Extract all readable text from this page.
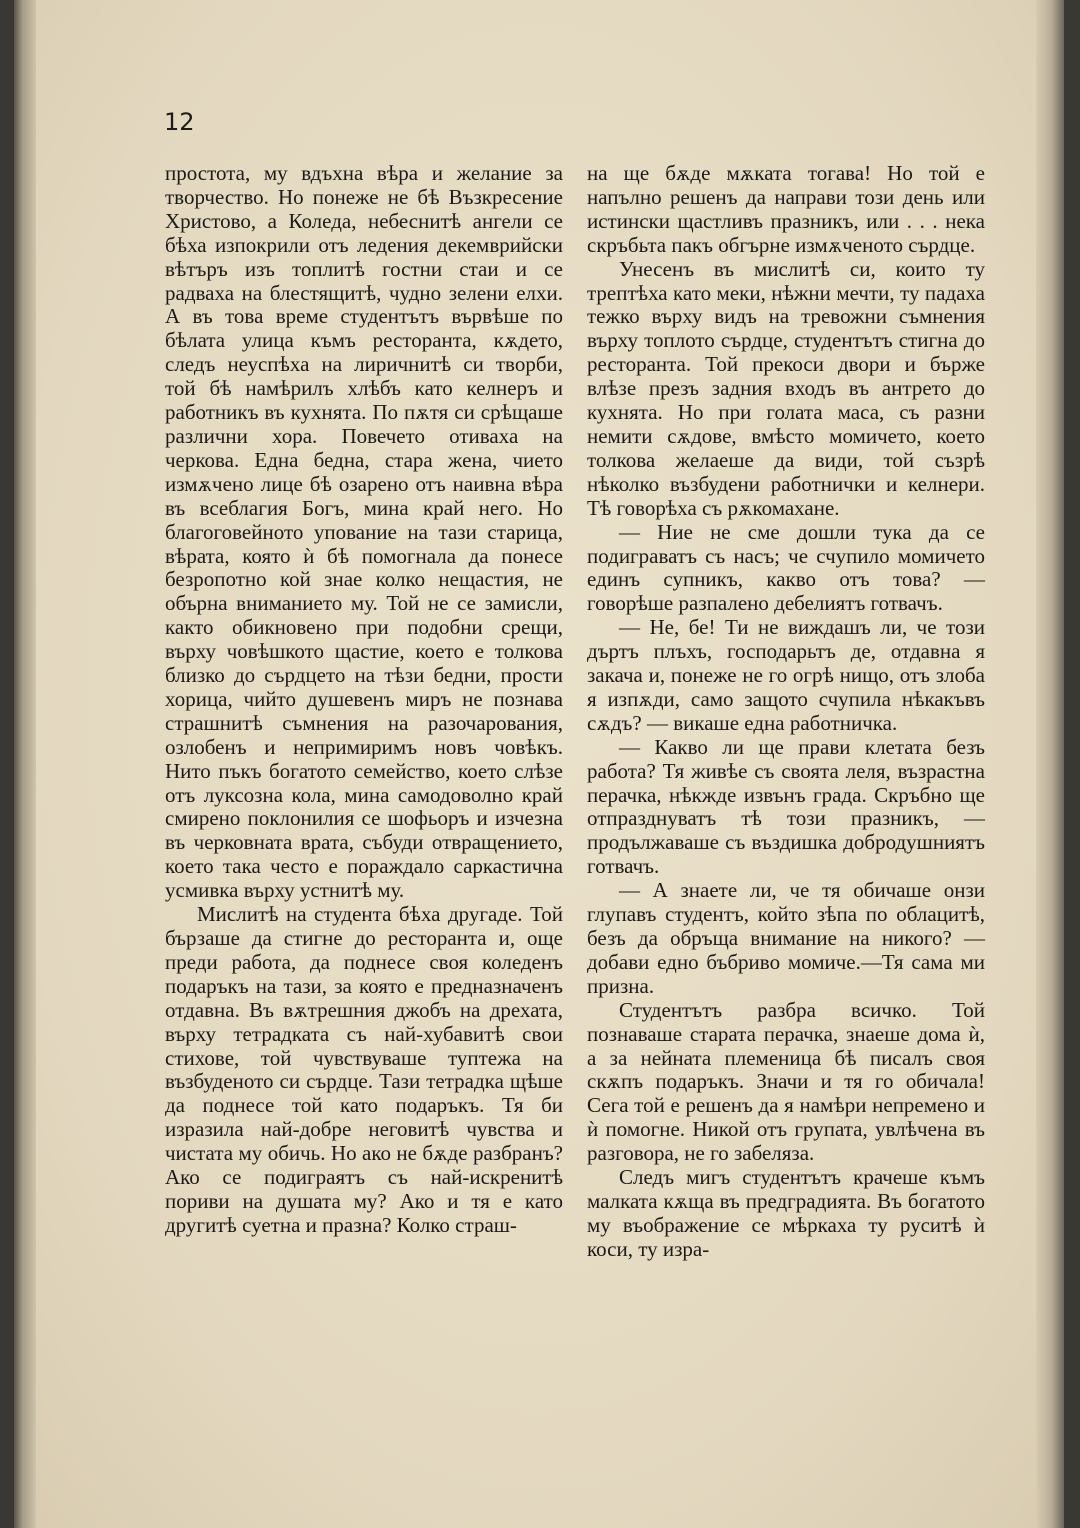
12

простота, му вдъхна вѣра и желание за творчество. Но понеже не бѣ Възкресение Христово, а Коледа, небеснитѣ ангели се бѣха изпокрили отъ ледения декемврийски вѣтъръ изъ топлитѣ гостни стаи и се радваха на блестящитѣ, чудно зелени елхи. А въ това време студентътъ вървѣше по бѣлата улица къмъ ресторанта, кѫдето, следъ неуспѣха на лиричнитѣ си творби, той бѣ намѣрилъ хлѣбъ като келнеръ и работникъ въ кухнята. По пѫтя си срѣщаше различни хора. Повечето отиваха на черкова. Една бедна, стара жена, чието измѫчено лице бѣ озарено отъ наивна вѣра въ всеблагия Богъ, мина край него. Но благоговейното упование на тази старица, вѣрата, която ѝ бѣ помогнала да понесе безропотно кой знае колко нещастия, не обърна вниманието му. Той не се замисли, както обикновено при подобни срещи, върху човѣшкото щастие, което е толкова близко до сърдцето на тѣзи бедни, прости хорица, чийто душевенъ миръ не познава страшнитѣ съмнения на разочарования, озлобенъ и непримиримъ новъ човѣкъ. Нито пъкъ богатото семейство, което слѣзе отъ луксозна кола, мина самодоволно край смирено поклонилия се шофьоръ и изчезна въ черковната врата, събуди отвращението, което така често е пораждало саркастична усмивка върху устнитѣ му.

Мислитѣ на студента бѣха другаде. Той бързаше да стигне до ресторанта и, още преди работа, да поднесе своя коледенъ подаръкъ на тази, за която е предназначенъ отдавна. Въ вѫтрешния джобъ на дрехата, върху тетрадката съ най-хубавитѣ свои стихове, той чувствуваше туптежа на възбуденото си сърдце. Тази тетрадка щѣше да поднесе той като подаръкъ. Тя би изразила най-добре неговитѣ чувства и чистата му обичь. Но ако не бѫде разбранъ? Ако се подиграятъ съ най-искренитѣ пориви на душата му? Ако и тя е като другитѣ суетна и празна? Колко страш-

на ще бѫде мѫката тогава! Но той е напълно решенъ да направи този день или истински щастливъ празникъ, или . . . нека скръбьта пакъ обгърне измѫченото сърдце.

Унесенъ въ мислитѣ си, които ту трептѣха като меки, нѣжни мечти, ту падаха тежко върху видъ на тревожни съмнения върху топлото сърдце, студентътъ стигна до ресторанта. Той прекоси двори и бърже влѣзе презъ задния входъ въ антрето до кухнята. Но при голата маса, съ разни немити сѫдове, вмѣсто момичето, което толкова желаеше да види, той съзрѣ нѣколко възбудени работнички и келнери. Тѣ говорѣха съ рѫкомахане.

— Ние не сме дошли тука да се подиграватъ съ насъ; че счупило момичето единъ супникъ, какво отъ това? — говорѣше разпалено дебелиятъ готвачъ.

— Не, бе! Ти не виждашъ ли, че този дъртъ плъхъ, господарьтъ де, отдавна я закача и, понеже не го огрѣ нищо, отъ злоба я изпѫди, само защото счупила нѣкакъвъ сѫдъ? — викаше една работничка.

— Какво ли ще прави клетата безъ работа? Тя живѣе съ своята леля, възрастна перачка, нѣкжде извънъ града. Скръбно ще отпразднуватъ тѣ този празникъ, — продължаваше съ въздишка добродушниятъ готвачъ.

— А знаете ли, че тя обичаше онзи глупавъ студентъ, който зѣпа по облацитѣ, безъ да обръща внимание на никого? — добави едно бъбриво момиче.—Тя сама ми призна.

Студентътъ разбра всичко. Той познаваше старата перачка, знаеше дома ѝ, а за нейната племеница бѣ писалъ своя скѫпъ подаръкъ. Значи и тя го обичала! Сега той е решенъ да я намѣри непремено и ѝ помогне. Никой отъ групата, увлѣчена въ разговора, не го забеляза.

Следъ мигъ студентътъ крачеше къмъ малката кѫща въ предградията. Въ богатото му въображение се мѣркаха ту руситѣ ѝ коси, ту изра-
